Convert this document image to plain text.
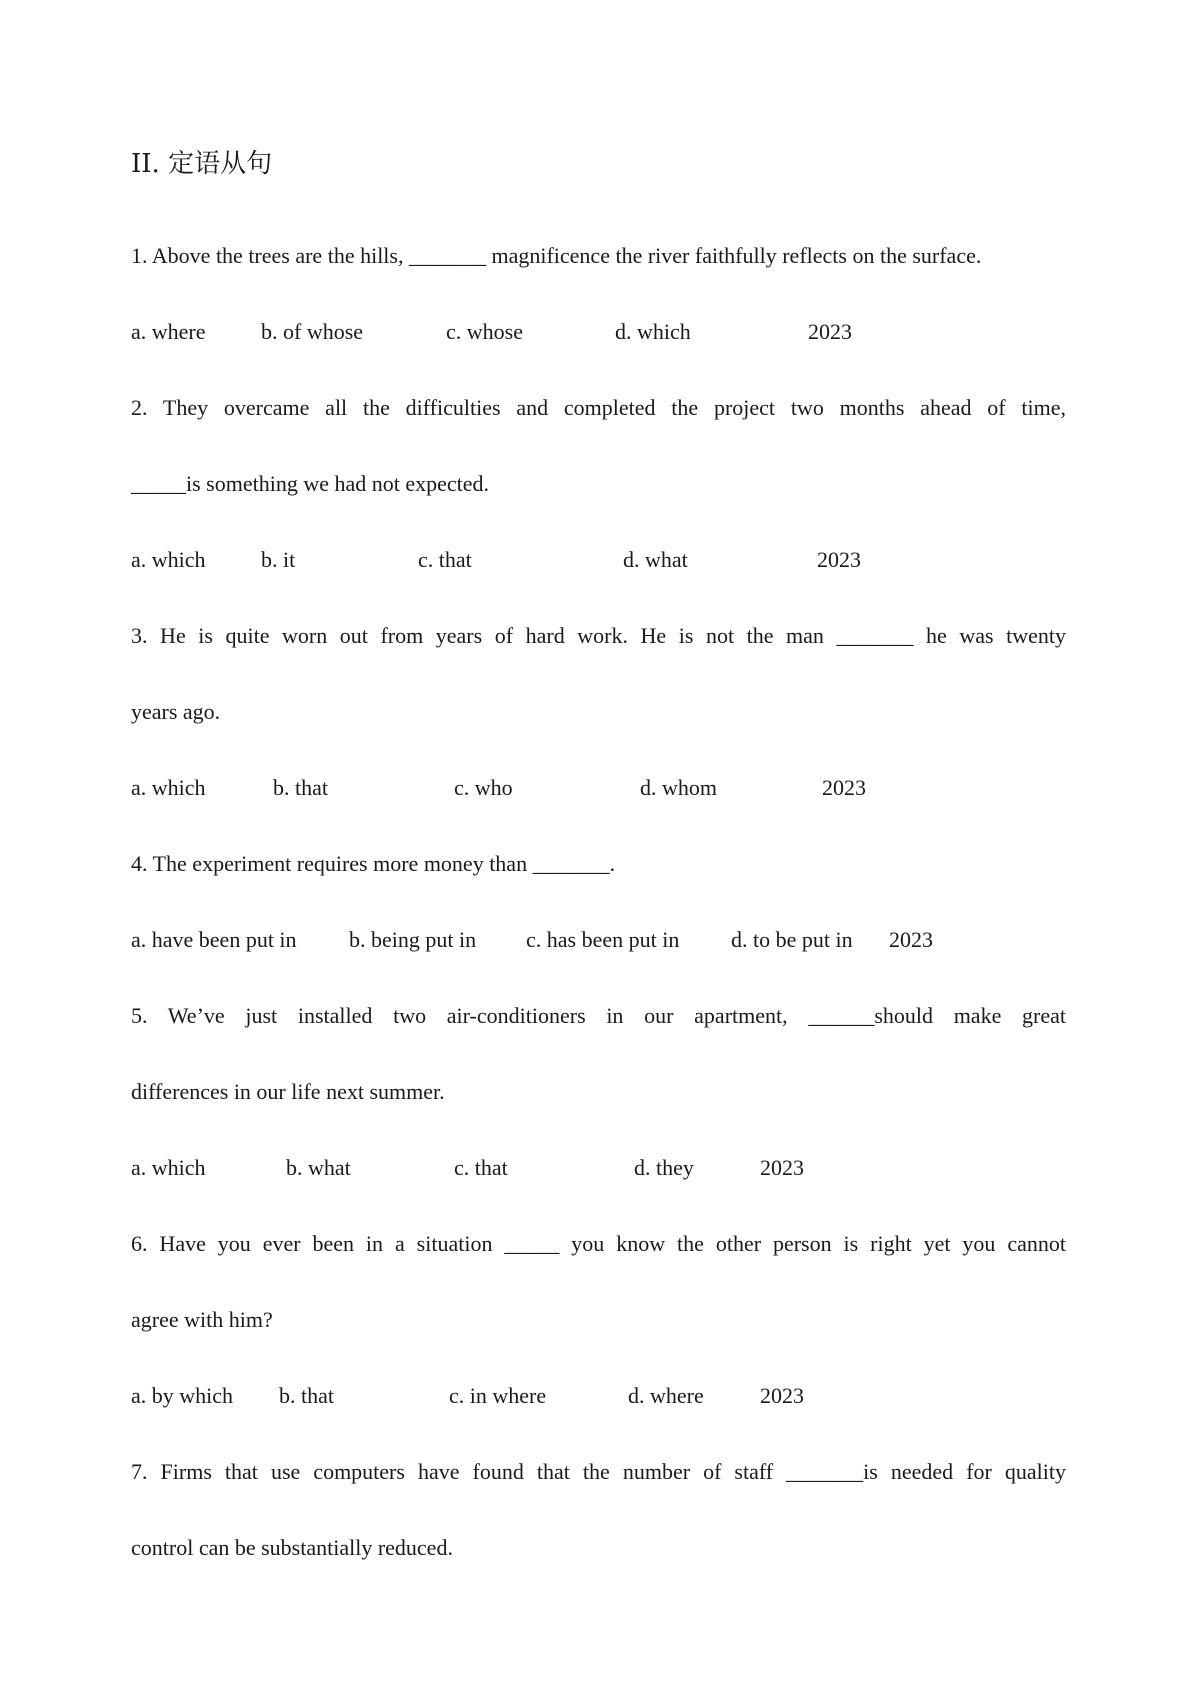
II. 定语从句
1. Above the trees are the hills, _______ magnificence the river faithfully reflects on the surface.
a. where	b. of whose	c. whose	d. which	2023
2. They overcame all the difficulties and completed the project two months ahead of time,
_____is something we had not expected.
a. which	b. it	c. that	d. what	2023
3. He is quite worn out from years of hard work. He is not the man _______ he was twenty
years ago.
a. which	b. that	c. who	d. whom	2023
4. The experiment requires more money than _______.
a. have been put in b. being put in c. has been put in d. to be put in 2023
5. We’ve just installed two air-conditioners in our apartment, ______should make great
differences in our life next summer.
a. which	b. what	c. that	d. they	2023
6. Have you ever been in a situation _____ you know the other person is right yet you cannot
agree with him?
a. by which b. that	c. in where	d. where	2023
7. Firms that use computers have found that the number of staff _______is needed for quality
control can be substantially reduced.
